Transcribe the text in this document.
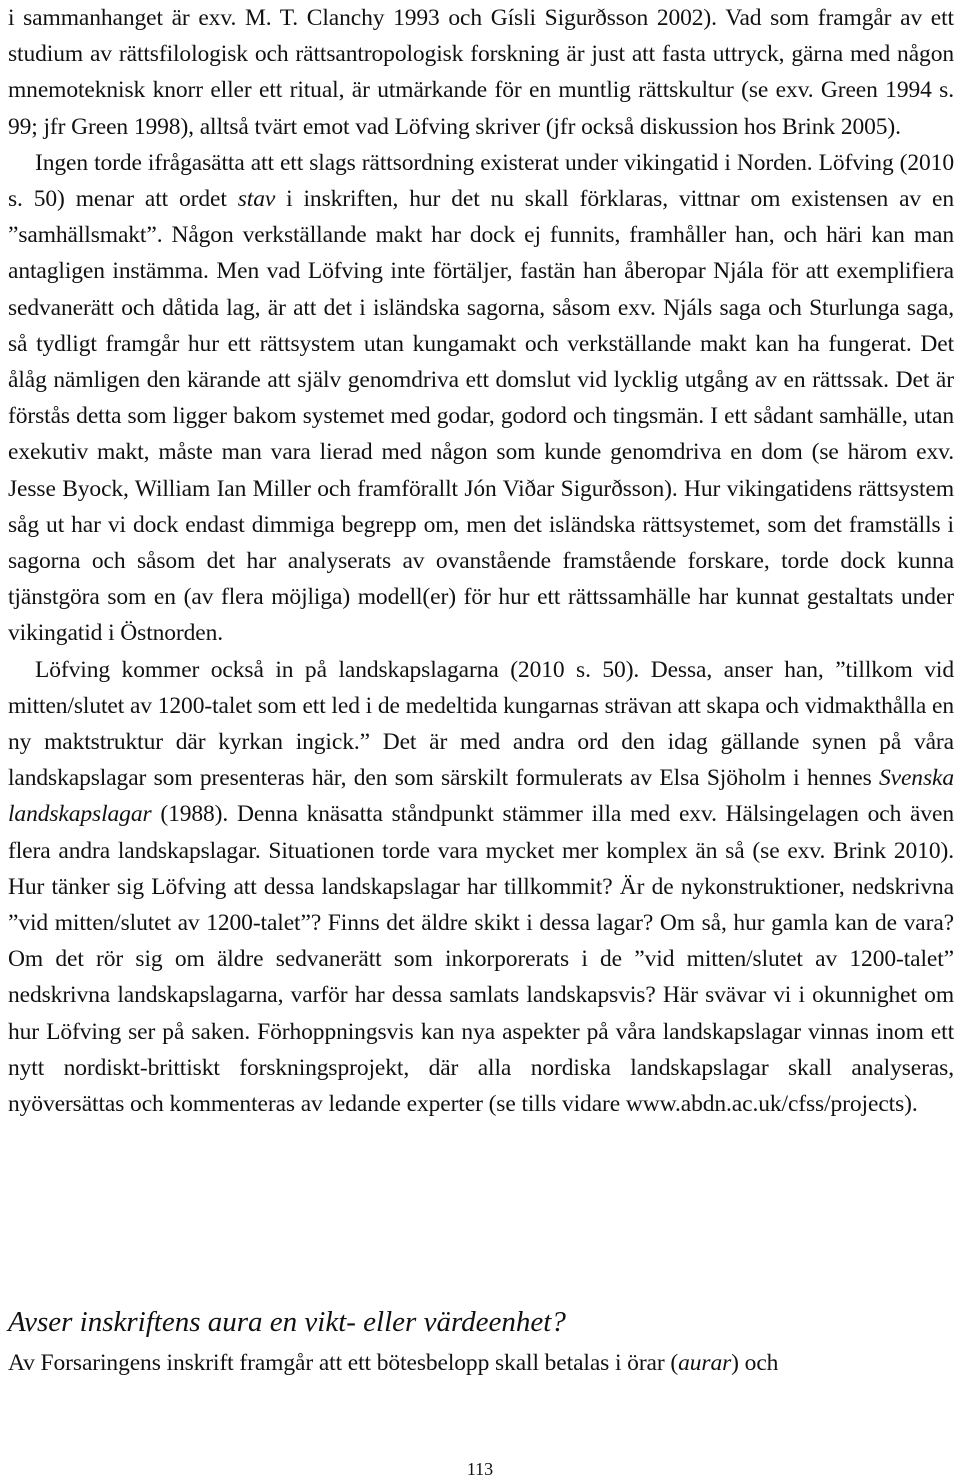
i sammanhanget är exv. M. T. Clanchy 1993 och Gísli Sigurðsson 2002). Vad som framgår av ett studium av rättsfilologisk och rättsantropologisk forskning är just att fasta uttryck, gärna med någon mnemoteknisk knorr eller ett ritual, är utmärkande för en muntlig rättskultur (se exv. Green 1994 s. 99; jfr Green 1998), alltså tvärt emot vad Löfving skriver (jfr också diskussion hos Brink 2005).

Ingen torde ifrågasätta att ett slags rättsordning existerat under vikingatid i Norden. Löfving (2010 s. 50) menar att ordet stav i inskriften, hur det nu skall förklaras, vittnar om existensen av en ”samhällsmakt”. Någon verkställande makt har dock ej funnits, framhåller han, och häri kan man antagligen instämma. Men vad Löfving inte förtäljer, fastän han åberopar Njála för att exemplifiera sedvanerätt och dåtida lag, är att det i isländska sagorna, såsom exv. Njáls saga och Sturlunga saga, så tydligt framgår hur ett rättsystem utan kungamakt och verkställande makt kan ha fungerat. Det ålåg nämligen den kärande att själv genomdriva ett domslut vid lycklig utgång av en rättssak. Det är förstås detta som ligger bakom systemet med godar, godord och tingsmän. I ett sådant samhälle, utan exekutiv makt, måste man vara lierad med någon som kunde genomdriva en dom (se härom exv. Jesse Byock, William Ian Miller och framförallt Jón Viðar Sigurðsson). Hur vikingatidens rättsystem såg ut har vi dock endast dimmiga begrepp om, men det isländska rättsystemet, som det framställs i sagorna och såsom det har analyserats av ovanstående framstående forskare, torde dock kunna tjänstgöra som en (av flera möjliga) modell(er) för hur ett rättssamhälle har kunnat gestaltats under vikingatid i Östnorden.

Löfving kommer också in på landskapslagarna (2010 s. 50). Dessa, anser han, ”tillkom vid mitten/slutet av 1200-talet som ett led i de medeltida kungarnas strävan att skapa och vidmakthålla en ny maktstruktur där kyrkan ingick.” Det är med andra ord den idag gällande synen på våra landskapslagar som presenteras här, den som särskilt formulerats av Elsa Sjöholm i hennes Svenska landskapslagar (1988). Denna knäsatta ståndpunkt stämmer illa med exv. Hälsingelagen och även flera andra landskapslagar. Situationen torde vara mycket mer komplex än så (se exv. Brink 2010). Hur tänker sig Löfving att dessa landskapslagar har tillkommit? Är de nykonstruktioner, nedskrivna ”vid mitten/slutet av 1200-talet”? Finns det äldre skikt i dessa lagar? Om så, hur gamla kan de vara? Om det rör sig om äldre sedvanerätt som inkorporerats i de ”vid mitten/slutet av 1200-talet” nedskrivna landskapslagarna, varför har dessa samlats landskapsvis? Här svävar vi i okunnighet om hur Löfving ser på saken. Förhoppningsvis kan nya aspekter på våra landskapslagar vinnas inom ett nytt nordiskt-brittiskt forskningsprojekt, där alla nordiska landskapslagar skall analyseras, nyöversättas och kommenteras av ledande experter (se tills vidare www.abdn.ac.uk/cfss/projects).

Avser inskriftens aura en vikt- eller värdeenhet?

Av Forsaringens inskrift framgår att ett bötesbelopp skall betalas i örar (aurar) och

113
